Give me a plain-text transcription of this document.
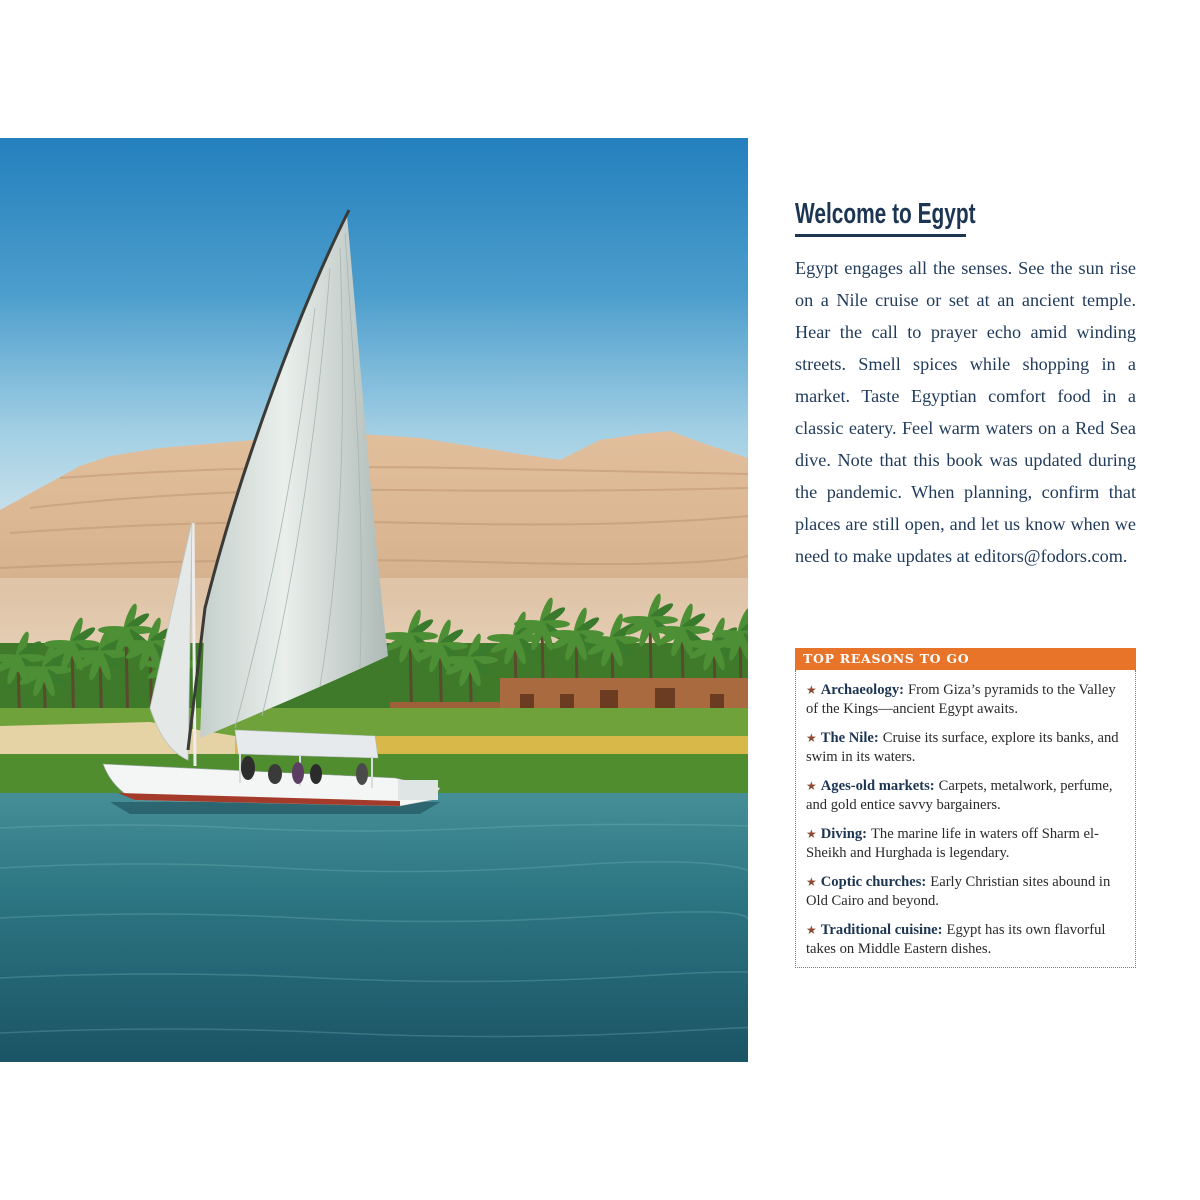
Welcome to Egypt

Egypt engages all the senses. See the sun rise on a Nile cruise or set at an ancient temple. Hear the call to prayer echo amid winding streets. Smell spices while shopping in a market. Taste Egyptian comfort food in a classic eatery. Feel warm waters on a Red Sea dive. Note that this book was updated during the pandemic. When planning, confirm that places are still open, and let us know when we need to make updates at editors@fodors.com.

TOP REASONS TO GO

★ Archaeology: From Giza’s pyramids to the Valley of the Kings—ancient Egypt awaits.

★ The Nile: Cruise its surface, explore its banks, and swim in its waters.

★ Ages-old markets: Carpets, metalwork, perfume, and gold entice savvy bargainers.

★ Diving: The marine life in waters off Sharm el-Sheikh and Hurghada is legendary.

★ Coptic churches: Early Christian sites abound in Old Cairo and beyond.

★ Traditional cuisine: Egypt has its own flavorful takes on Middle Eastern dishes.
